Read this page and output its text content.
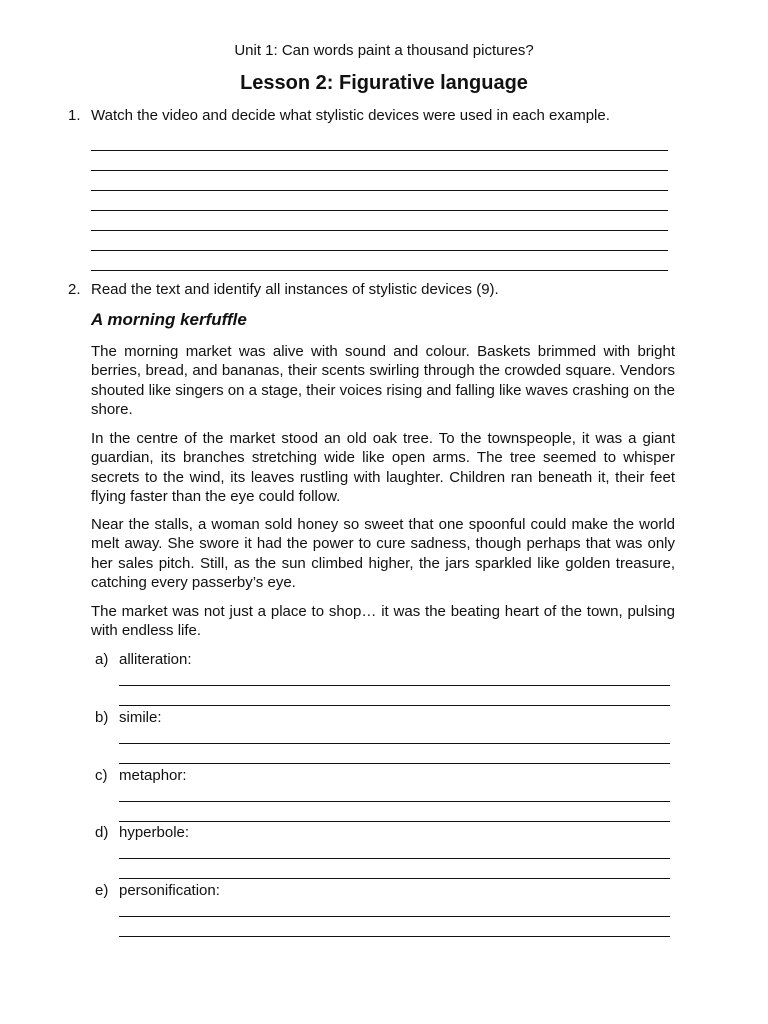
Unit 1: Can words paint a thousand pictures?
Lesson 2: Figurative language
1. Watch the video and decide what stylistic devices were used in each example.
2. Read the text and identify all instances of stylistic devices (9).
A morning kerfuffle

The morning market was alive with sound and colour. Baskets brimmed with bright berries, bread, and bananas, their scents swirling through the crowded square. Vendors shouted like singers on a stage, their voices rising and falling like waves crashing on the shore.

In the centre of the market stood an old oak tree. To the townspeople, it was a giant guardian, its branches stretching wide like open arms. The tree seemed to whisper secrets to the wind, its leaves rustling with laughter. Children ran beneath it, their feet flying faster than the eye could follow.

Near the stalls, a woman sold honey so sweet that one spoonful could make the world melt away. She swore it had the power to cure sadness, though perhaps that was only her sales pitch. Still, as the sun climbed higher, the jars sparkled like golden treasure, catching every passerby’s eye.

The market was not just a place to shop… it was the beating heart of the town, pulsing with endless life.

a) alliteration:
b) simile:
c) metaphor:
d) hyperbole:
e) personification:
